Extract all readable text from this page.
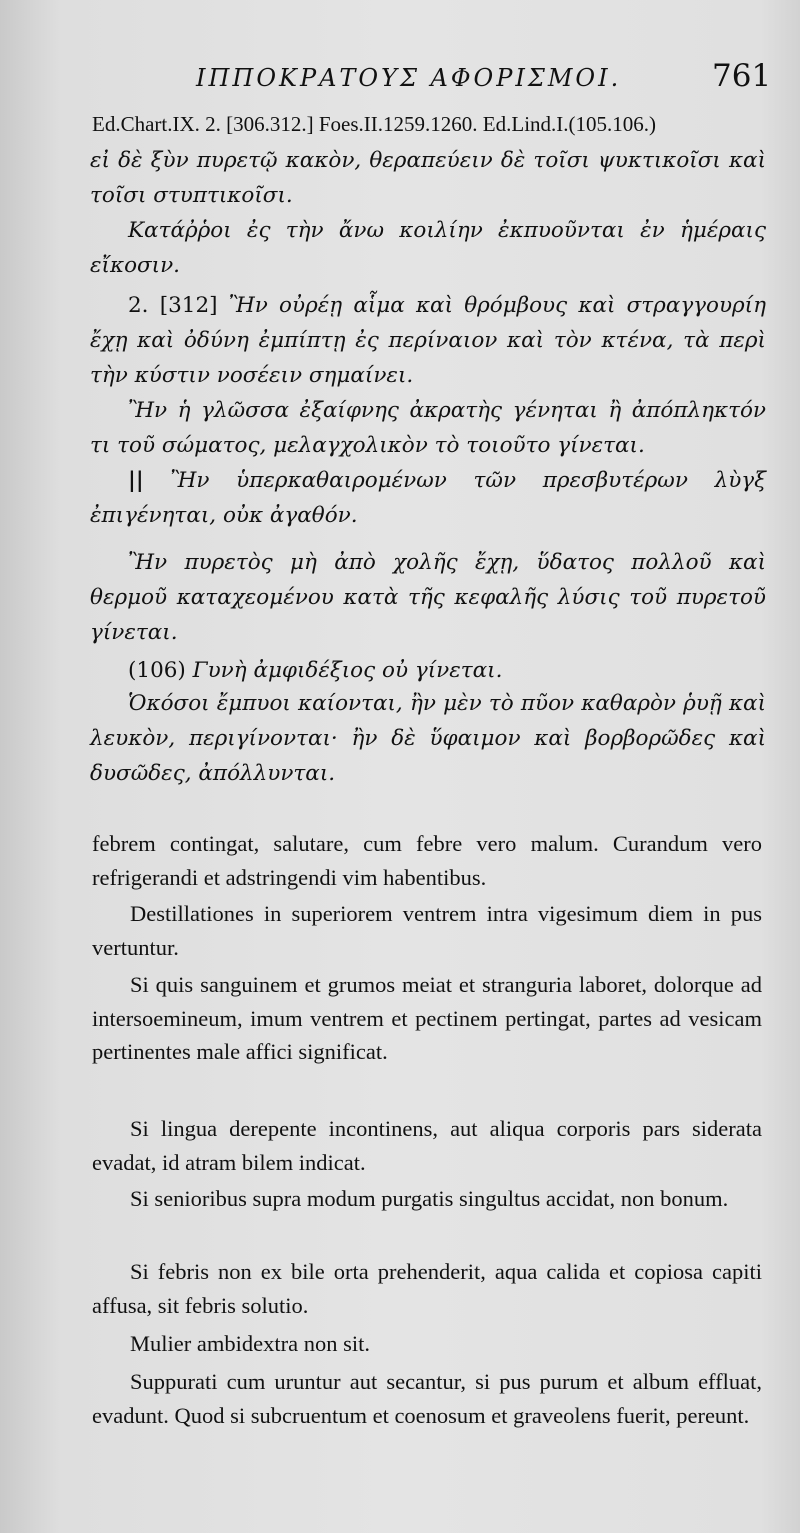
ΙΠΠΟΚΡΑΤΟΥΣ ΑΦΟΡΙΣΜΟΙ.	761
Ed.Chart.IX. 2. [306.312.] Foes.II.1259.1260. Ed.Lind.I.(105.106.)
εἰ δὲ ξὺν πυρετῷ κακὸν, θεραπεύειν δὲ τοῖσι ψυκτικοῖσι καὶ τοῖσι στυπτικοῖσι.
Κατάῤῥοι ἐς τὴν ἄνω κοιλίην ἐκπυοῦνται ἐν ἡμέραις εἴκοσιν.
2. [312] Ἢν οὐρέῃ αἷμα καὶ θρόμβους καὶ στραγγουρίη ἔχῃ καὶ ὀδύνη ἐμπίπτῃ ἐς περίναιον καὶ τὸν κτένα, τὰ περὶ τὴν κύστιν νοσέειν σημαίνει.
Ἢν ἡ γλῶσσα ἐξαίφνης ἀκρατὴς γένηται ἢ ἀπόπληκτόν τι τοῦ σώματος, μελαγχολικὸν τὸ τοιοῦτο γίνεται.
|| Ἢν ὑπερκαθαιρομένων τῶν πρεσβυτέρων λὺγξ ἐπιγένηται, οὐκ ἀγαθόν.
Ἢν πυρετὸς μὴ ἀπὸ χολῆς ἔχῃ, ὕδατος πολλοῦ καὶ θερμοῦ καταχεομένου κατὰ τῆς κεφαλῆς λύσις τοῦ πυρετοῦ γίνεται.
(106) Γυνὴ ἀμφιδέξιος οὐ γίνεται.
Ὁκόσοι ἔμπυοι καίονται, ἢν μὲν τὸ πῦον καθαρὸν ῥυῇ καὶ λευκὸν, περιγίνονται· ἢν δὲ ὕφαιμον καὶ βορβορῶδες καὶ δυσῶδες, ἀπόλλυνται.
febrem contingat, salutare, cum febre vero malum. Curandum vero refrigerandi et adstringendi vim habentibus.
Destillationes in superiorem ventrem intra vigesimum diem in pus vertuntur.
Si quis sanguinem et grumos meiat et stranguria laboret, dolorque ad intersoemineum, imum ventrem et pectinem pertingat, partes ad vesicam pertinentes male affici significat.
Si lingua derepente incontinens, aut aliqua corporis pars siderata evadat, id atram bilem indicat.
Si senioribus supra modum purgatis singultus accidat, non bonum.
Si febris non ex bile orta prehenderit, aqua calida et copiosa capiti affusa, sit febris solutio.
Mulier ambidextra non sit.
Suppurati cum uruntur aut secantur, si pus purum et album effluat, evadunt. Quod si subcruentum et coenosum et graveolens fuerit, pereunt.
